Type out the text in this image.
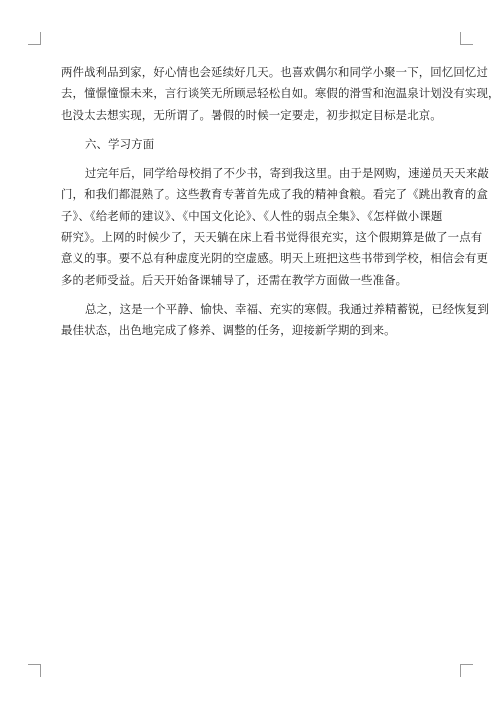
两件战利品到家，好心情也会延续好几天。也喜欢偶尔和同学小聚一下，回忆回忆过
去，憧憬憧憬未来，言行谈笑无所顾忌轻松自如。寒假的滑雪和泡温泉计划没有实现，
也没太去想实现，无所谓了。暑假的时候一定要走，初步拟定目标是北京。
六、学习方面
过完年后，同学给母校捐了不少书，寄到我这里。由于是网购，速递员天天来敲
门，和我们都混熟了。这些教育专著首先成了我的精神食粮。看完了《跳出教育的盒
子》、《给老师的建议》、《中国文化论》、《人性的弱点全集》、《怎样做小课题
研究》。上网的时候少了，天天躺在床上看书觉得很充实，这个假期算是做了一点有
意义的事。要不总有种虚度光阴的空虚感。明天上班把这些书带到学校，相信会有更
多的老师受益。后天开始备课辅导了，还需在教学方面做一些准备。
总之，这是一个平静、愉快、幸福、充实的寒假。我通过养精蓄锐，已经恢复到
最佳状态，出色地完成了修养、调整的任务，迎接新学期的到来。
